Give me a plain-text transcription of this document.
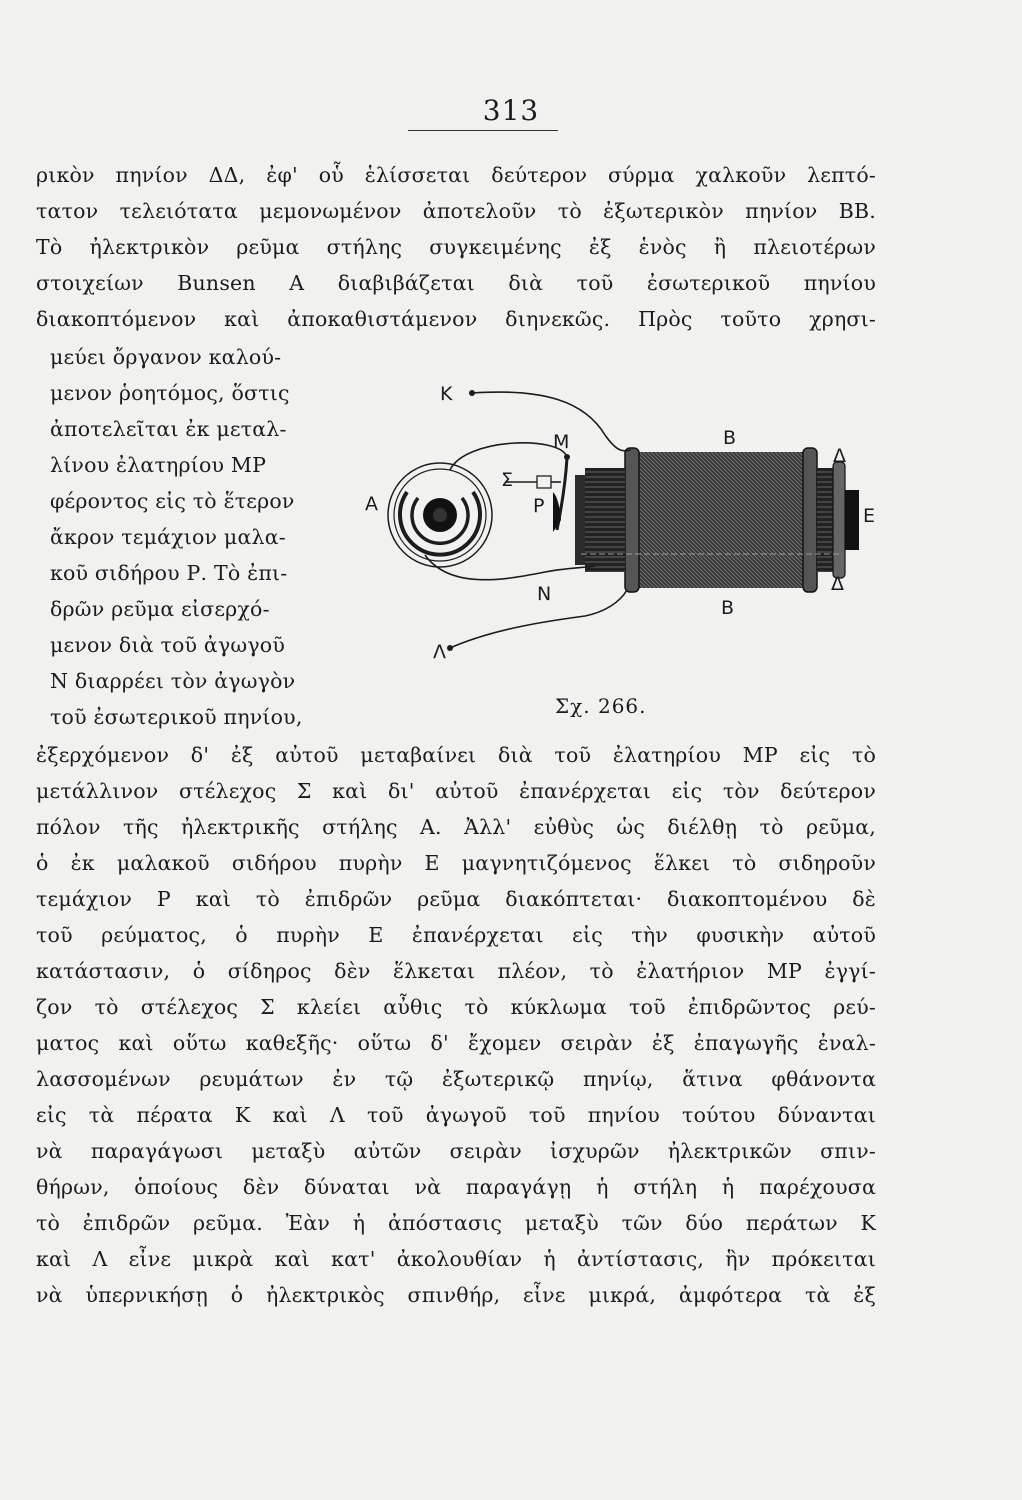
313
ρικὸν πηνίον ΔΔ, ἐφ' οὗ ἑλίσσεται δεύτερον σύρμα χαλκοῦν λεπτό-
τατον τελειότατα μεμονωμένον ἀποτελοῦν τὸ ἐξωτερικὸν πηνίον ΒΒ.
Τὸ ἠλεκτρικὸν ρεῦμα στήλης συγκειμένης ἐξ ἑνὸς ἢ πλειοτέρων
στοιχείων Bunsen Α διαβιβάζεται διὰ τοῦ ἐσωτερικοῦ πηνίου
διακοπτόμενον καὶ ἀποκαθιστάμενον διηνεκῶς. Πρὸς τοῦτο χρησι-
μεύει ὄργανον καλού-
μενον ῥοητόμος, ὅστις
ἀποτελεῖται ἐκ μεταλ-
λίνου ἐλατηρίου ΜΡ
φέροντος εἰς τὸ ἕτερον
ἄκρον τεμάχιον μαλα-
κοῦ σιδήρου Ρ. Τὸ ἐπι-
δρῶν ρεῦμα εἰσερχό-
μενον διὰ τοῦ ἀγωγοῦ
Ν διαρρέει τὸν ἀγωγὸν
τοῦ ἐσωτερικοῦ πηνίου,
ἐξερχόμενον δ' ἐξ αὐτοῦ μεταβαίνει διὰ τοῦ ἐλατηρίου ΜΡ εἰς τὸ
μετάλλινον στέλεχος Σ καὶ δι' αὐτοῦ ἐπανέρχεται εἰς τὸν δεύτερον
πόλον τῆς ἠλεκτρικῆς στήλης Α. Ἀλλ' εὐθὺς ὡς διέλθῃ τὸ ρεῦμα,
ὁ ἐκ μαλακοῦ σιδήρου πυρὴν Ε μαγνητιζόμενος ἕλκει τὸ σιδηροῦν
τεμάχιον Ρ καὶ τὸ ἐπιδρῶν ρεῦμα διακόπτεται· διακοπτομένου δὲ
τοῦ ρεύματος, ὁ πυρὴν Ε ἐπανέρχεται εἰς τὴν φυσικὴν αὐτοῦ
κατάστασιν, ὁ σίδηρος δὲν ἕλκεται πλέον, τὸ ἐλατήριον ΜΡ ἐγγί-
ζον τὸ στέλεχος Σ κλείει αὖθις τὸ κύκλωμα τοῦ ἐπιδρῶντος ρεύ-
ματος καὶ οὕτω καθεξῆς· οὕτω δ' ἔχομεν σειρὰν ἐξ ἐπαγωγῆς ἐναλ-
λασσομένων ρευμάτων ἐν τῷ ἐξωτερικῷ πηνίῳ, ἅτινα φθάνοντα
εἰς τὰ πέρατα Κ καὶ Λ τοῦ ἀγωγοῦ τοῦ πηνίου τούτου δύνανται
νὰ παραγάγωσι μεταξὺ αὐτῶν σειρὰν ἰσχυρῶν ἠλεκτρικῶν σπιν-
θήρων, ὁποίους δὲν δύναται νὰ παραγάγῃ ἡ στήλη ἡ παρέχουσα
τὸ ἐπιδρῶν ρεῦμα. Ἐὰν ἡ ἀπόστασις μεταξὺ τῶν δύο περάτων Κ
καὶ Λ εἶνε μικρὰ καὶ κατ' ἀκολουθίαν ἡ ἀντίστασις, ἣν πρόκειται
νὰ ὑπερνικήσῃ ὁ ἠλεκτρικὸς σπινθήρ, εἶνε μικρά, ἀμφότερα τὰ ἐξ
Κ
Μ	B
Δ
Σ
Α	Ρ	Ε
Ν
Β
Δ
Λ
Σχ. 266.
